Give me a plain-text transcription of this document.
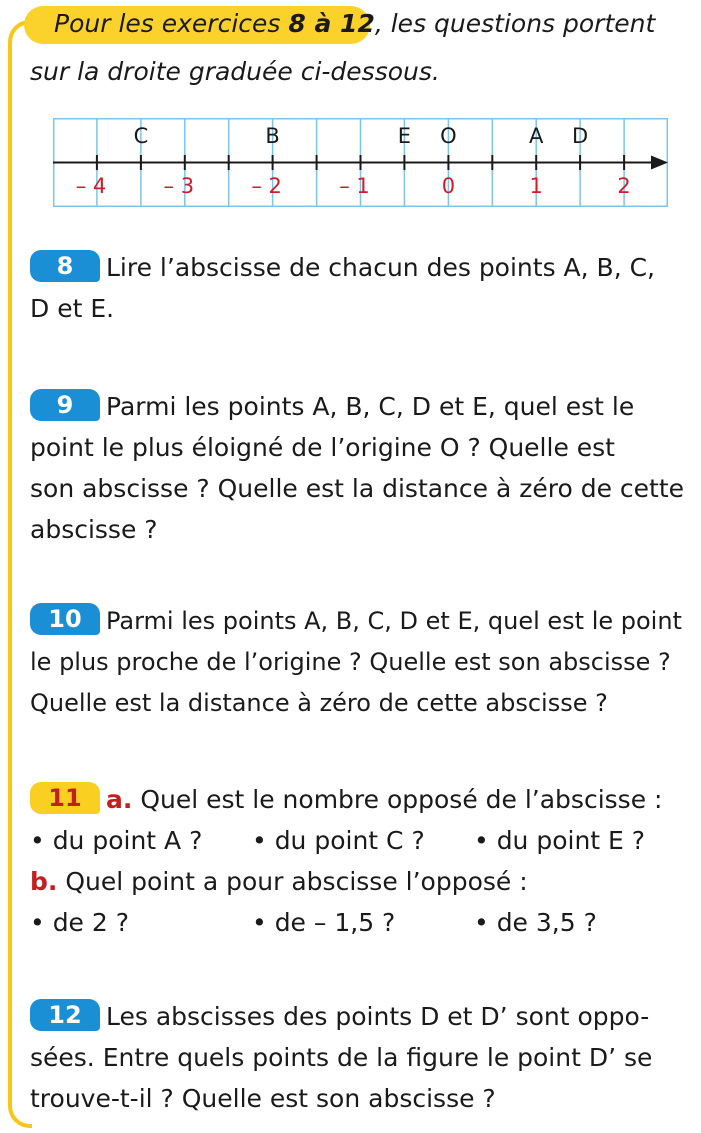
Pour les exercices 8 à 12, les questions portent
sur la droite graduée ci-dessous.
C	B	E O	A D
– 4	– 3	– 2	– 1	0	1	2
8 Lire l’abscisse de chacun des points A, B, C,
D et E.
9 Parmi les points A, B, C, D et E, quel est le
point le plus éloigné de l’origine O ? Quelle est
son abscisse ? Quelle est la distance à zéro de cette
abscisse ?
10 Parmi les points A, B, C, D et E, quel est le point
le plus proche de l’origine ? Quelle est son abscisse ?
Quelle est la distance à zéro de cette abscisse ?
11 a. Quel est le nombre opposé de l’abscisse :
• du point A ?	• du point C ?	• du point E ?
b. Quel point a pour abscisse l’opposé :
• de 2 ?	• de – 1,5 ?	• de 3,5 ?
12 Les abscisses des points D et D’ sont oppo-
sées. Entre quels points de la figure le point D’ se
trouve-t-il ? Quelle est son abscisse ?
